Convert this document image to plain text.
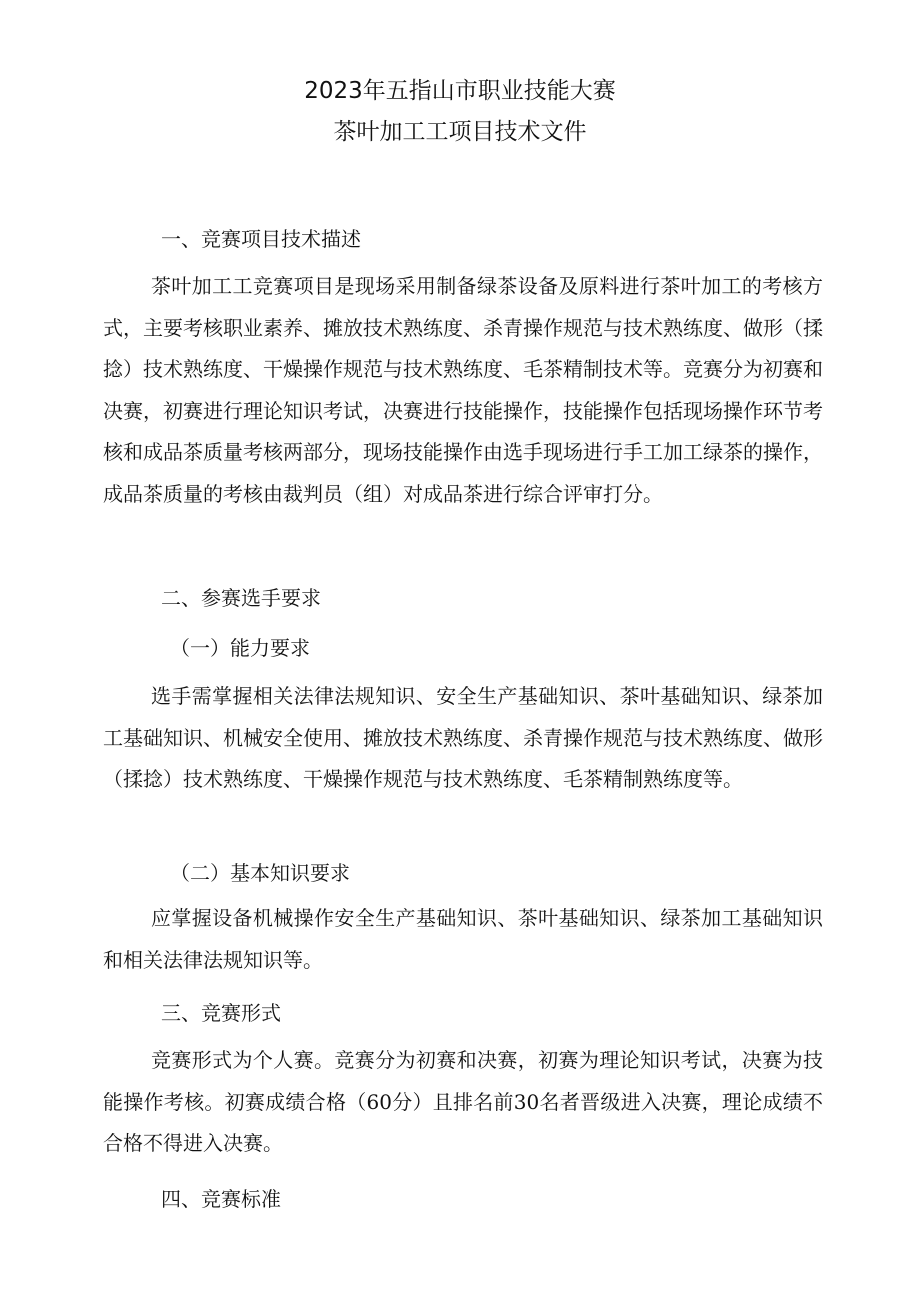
2023年五指山市职业技能大赛
茶叶加工工项目技术文件
一、竞赛项目技术描述
茶叶加工工竞赛项目是现场采用制备绿茶设备及原料进行茶叶加工的考核方式，主要考核职业素养、摊放技术熟练度、杀青操作规范与技术熟练度、做形（揉捻）技术熟练度、干燥操作规范与技术熟练度、毛茶精制技术等。竞赛分为初赛和决赛，初赛进行理论知识考试，决赛进行技能操作，技能操作包括现场操作环节考核和成品茶质量考核两部分，现场技能操作由选手现场进行手工加工绿茶的操作，成品茶质量的考核由裁判员（组）对成品茶进行综合评审打分。
二、参赛选手要求
（一）能力要求
选手需掌握相关法律法规知识、安全生产基础知识、茶叶基础知识、绿茶加工基础知识、机械安全使用、摊放技术熟练度、杀青操作规范与技术熟练度、做形（揉捻）技术熟练度、干燥操作规范与技术熟练度、毛茶精制熟练度等。
（二）基本知识要求
应掌握设备机械操作安全生产基础知识、茶叶基础知识、绿茶加工基础知识和相关法律法规知识等。
三、竞赛形式
竞赛形式为个人赛。竞赛分为初赛和决赛，初赛为理论知识考试，决赛为技能操作考核。初赛成绩合格（60分）且排名前30名者晋级进入决赛，理论成绩不合格不得进入决赛。
四、竞赛标准
